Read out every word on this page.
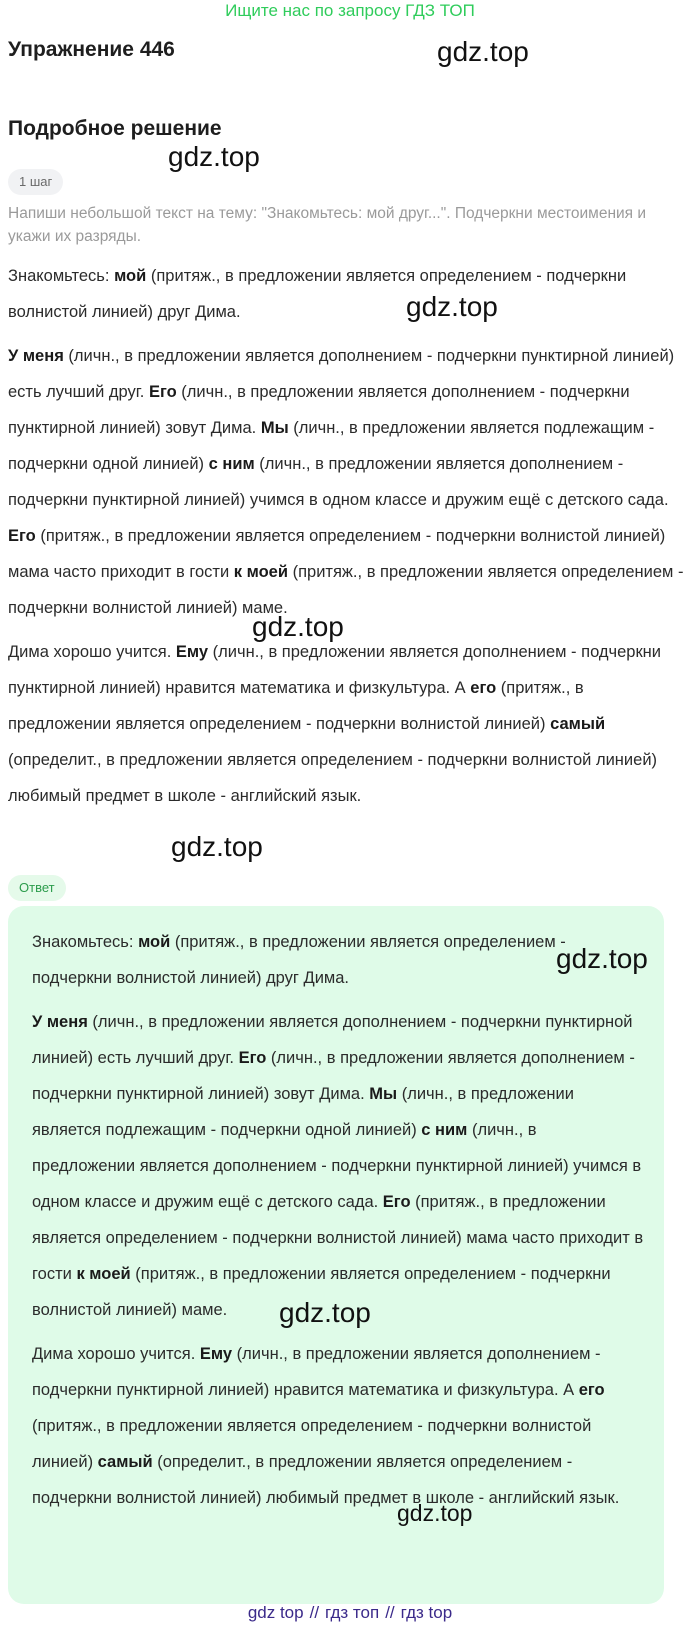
Ищите нас по запросу ГДЗ ТОП
Упражнение 446	gdz.top
Подробное решение
gdz.top
1 шаг

Напиши небольшой текст на тему: "Знакомьтесь: мой друг...". Подчеркни местоимения и укажи их разряды.

Знакомьтесь: мой (притяж., в предложении является определением - подчеркни волнистой линией) друг Дима.

У меня (личн., в предложении является дополнением - подчеркни пунктирной линией) есть лучший друг. Его (личн., в предложении является дополнением - подчеркни пунктирной линией) зовут Дима. Мы (личн., в предложении является подлежащим - подчеркни одной линией) с ним (личн., в предложении является дополнением - подчеркни пунктирной линией) учимся в одном классе и дружим ещё с детского сада. Его (притяж., в предложении является определением - подчеркни волнистой линией) мама часто приходит в гости к моей (притяж., в предложении является определением - подчеркни волнистой линией) маме.

Дима хорошо учится. Ему (личн., в предложении является дополнением - подчеркни пунктирной линией) нравится математика и физкультура. А его (притяж., в предложении является определением - подчеркни волнистой линией) самый (определит., в предложении является определением - подчеркни волнистой линией) любимый предмет в школе - английский язык.

gdz.top
gdz.top
Ответ
gdz.top

Знакомьтесь: мой (притяж., в предложении является определением - подчеркни волнистой линией) друг Дима.

У меня (личн., в предложении является дополнением - подчеркни пунктирной линией) есть лучший друг. Его (личн., в предложении является дополнением - подчеркни пунктирной линией) зовут Дима. Мы (личн., в предложении является подлежащим - подчеркни одной линией) с ним (личн., в предложении является дополнением - подчеркни пунктирной линией) учимся в одном классе и дружим ещё с детского сада. Его (притяж., в предложении является определением - подчеркни волнистой линией) мама часто приходит в гости к моей (притяж., в предложении является определением - подчеркни волнистой линией) маме.

Дима хорошо учится. Ему (личн., в предложении является дополнением - подчеркни пунктирной линией) нравится математика и физкультура. А его (притяж., в предложении является определением - подчеркни волнистой линией) самый (определит., в предложении является определением - подчеркни волнистой линией) любимый предмет в школе - английский язык.

gdz.top
gdz.top
gdz.top
gdz top // гдз топ // гдз top
